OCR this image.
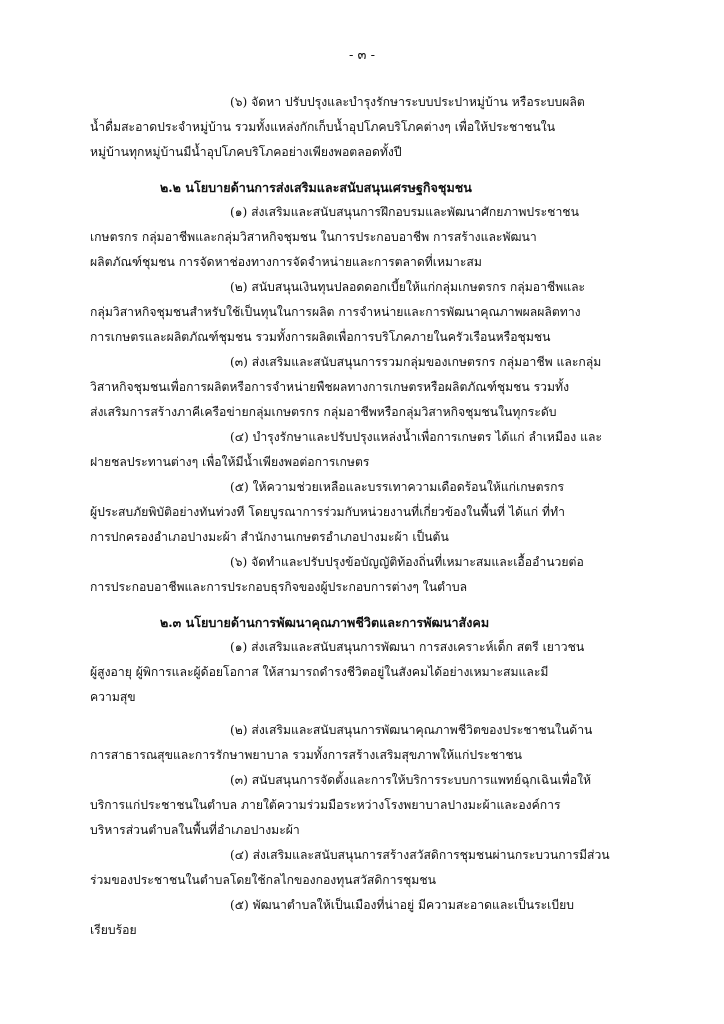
- ๓ -
(๖) จัดหา ปรับปรุงและบำรุงรักษาระบบประปาหมู่บ้าน หรือระบบผลิต
น้ำดื่มสะอาดประจำหมู่บ้าน รวมทั้งแหล่งกักเก็บน้ำอุปโภคบริโภคต่างๆ เพื่อให้ประชาชนใน
หมู่บ้านทุกหมู่บ้านมีน้ำอุปโภคบริโภคอย่างเพียงพอตลอดทั้งปี
๒.๒ นโยบายด้านการส่งเสริมและสนับสนุนเศรษฐกิจชุมชน
(๑) ส่งเสริมและสนับสนุนการฝึกอบรมและพัฒนาศักยภาพประชาชน
เกษตรกร กลุ่มอาชีพและกลุ่มวิสาหกิจชุมชน ในการประกอบอาชีพ การสร้างและพัฒนา
ผลิตภัณฑ์ชุมชน การจัดหาช่องทางการจัดจำหน่ายและการตลาดที่เหมาะสม
(๒) สนับสนุนเงินทุนปลอดดอกเบี้ยให้แก่กลุ่มเกษตรกร กลุ่มอาชีพและ
กลุ่มวิสาหกิจชุมชนสำหรับใช้เป็นทุนในการผลิต การจำหน่ายและการพัฒนาคุณภาพผลผลิตทาง
การเกษตรและผลิตภัณฑ์ชุมชน รวมทั้งการผลิตเพื่อการบริโภคภายในครัวเรือนหรือชุมชน
(๓) ส่งเสริมและสนับสนุนการรวมกลุ่มของเกษตรกร กลุ่มอาชีพ และกลุ่ม
วิสาหกิจชุมชนเพื่อการผลิตหรือการจำหน่ายพืชผลทางการเกษตรหรือผลิตภัณฑ์ชุมชน รวมทั้ง
ส่งเสริมการสร้างภาคีเครือข่ายกลุ่มเกษตรกร กลุ่มอาชีพหรือกลุ่มวิสาหกิจชุมชนในทุกระดับ
(๔) บำรุงรักษาและปรับปรุงแหล่งน้ำเพื่อการเกษตร ได้แก่ ลำเหมือง และ
ฝายชลประทานต่างๆ เพื่อให้มีน้ำเพียงพอต่อการเกษตร
(๕) ให้ความช่วยเหลือและบรรเทาความเดือดร้อนให้แก่เกษตรกร
ผู้ประสบภัยพิบัติอย่างทันท่วงที โดยบูรณาการร่วมกับหน่วยงานที่เกี่ยวข้องในพื้นที่ ได้แก่ ที่ทำ
การปกครองอำเภอปางมะผ้า สำนักงานเกษตรอำเภอปางมะผ้า เป็นต้น
(๖) จัดทำและปรับปรุงข้อบัญญัติท้องถิ่นที่เหมาะสมและเอื้ออำนวยต่อ
การประกอบอาชีพและการประกอบธุรกิจของผู้ประกอบการต่างๆ ในตำบล
๒.๓ นโยบายด้านการพัฒนาคุณภาพชีวิตและการพัฒนาสังคม
(๑) ส่งเสริมและสนับสนุนการพัฒนา การสงเคราะห์เด็ก สตรี เยาวชน
ผู้สูงอายุ ผู้พิการและผู้ด้อยโอกาส ให้สามารถดำรงชีวิตอยู่ในสังคมได้อย่างเหมาะสมและมี
ความสุข
(๒) ส่งเสริมและสนับสนุนการพัฒนาคุณภาพชีวิตของประชาชนในด้าน
การสาธารณสุขและการรักษาพยาบาล รวมทั้งการสร้างเสริมสุขภาพให้แก่ประชาชน
(๓) สนับสนุนการจัดตั้งและการให้บริการระบบการแพทย์ฉุกเฉินเพื่อให้
บริการแก่ประชาชนในตำบล ภายใต้ความร่วมมือระหว่างโรงพยาบาลปางมะผ้าและองค์การ
บริหารส่วนตำบลในพื้นที่อำเภอปางมะผ้า
(๔) ส่งเสริมและสนับสนุนการสร้างสวัสดิการชุมชนผ่านกระบวนการมีส่วน
ร่วมของประชาชนในตำบลโดยใช้กลไกของกองทุนสวัสดิการชุมชน
(๕) พัฒนาตำบลให้เป็นเมืองที่น่าอยู่ มีความสะอาดและเป็นระเบียบ
เรียบร้อย
